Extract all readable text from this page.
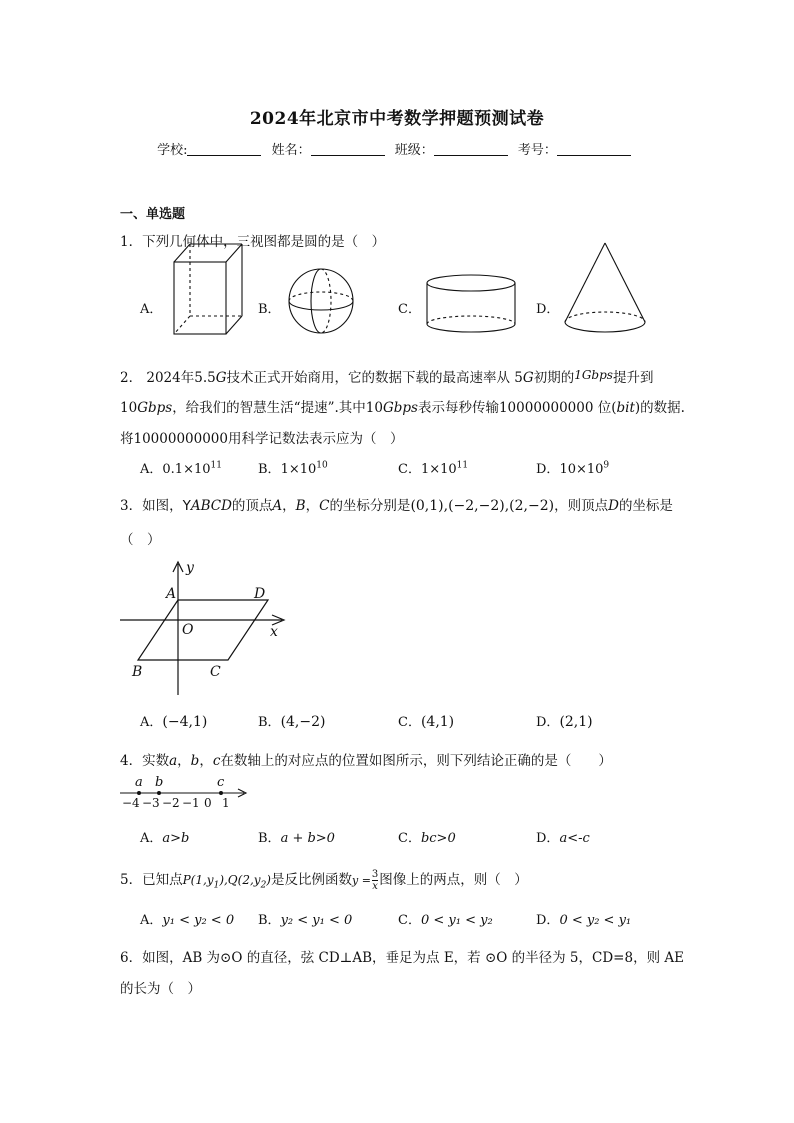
2024年北京市中考数学押题预测试卷
学校:	姓名：	班级：	考号：
一、单选题
1．下列几何体中，三视图都是圆的是（　）
A．	B．	C．	D．
2． 2024年5.5G技术正式开始商用，它的数据下载的最高速率从 5G初期的1Gbps提升到
10Gbps，给我们的智慧生活“提速”.其中10Gbps表示每秒传输10000000000 位(bit)的数据.
将10000000000用科学记数法表示应为（　）
A．$0.1\times 10^{11}$	B．$1\times 10^{10}$	C．$1\times 10^{11}$	D．$10\times 10^9$
3．如图，YABCD的顶点A，B，C的坐标分别是(0,1),(−2,−2),(2,−2)，则顶点D的坐标是
（　）
y
x
A	D
O
B	C
A．(−4,1)	B．(4,−2)	C．(4,1)	D．(2,1)
4．实数a，b，c在数轴上的对应点的位置如图所示，则下列结论正确的是（　　）
a b	c
−4 −3 −2 −1 0 1
A．a>b	B．a + b>0	C．bc>0	D．a<-c
5．已知点$P(1,y_1),Q(2,y_2)$是反比例函数$y = \frac{3}{x}$ 图像上的两点，则（　）
A．y₁ < y₂ < 0 B．y₂ < y₁ < 0	C．0 < y₁ < y₂	D．0 < y₂ < y₁
6．如图，AB 为⊙O 的直径，弦 CD⊥AB，垂足为点 E，若 ⊙O 的半径为 5，CD=8，则 AE
的长为（　）
